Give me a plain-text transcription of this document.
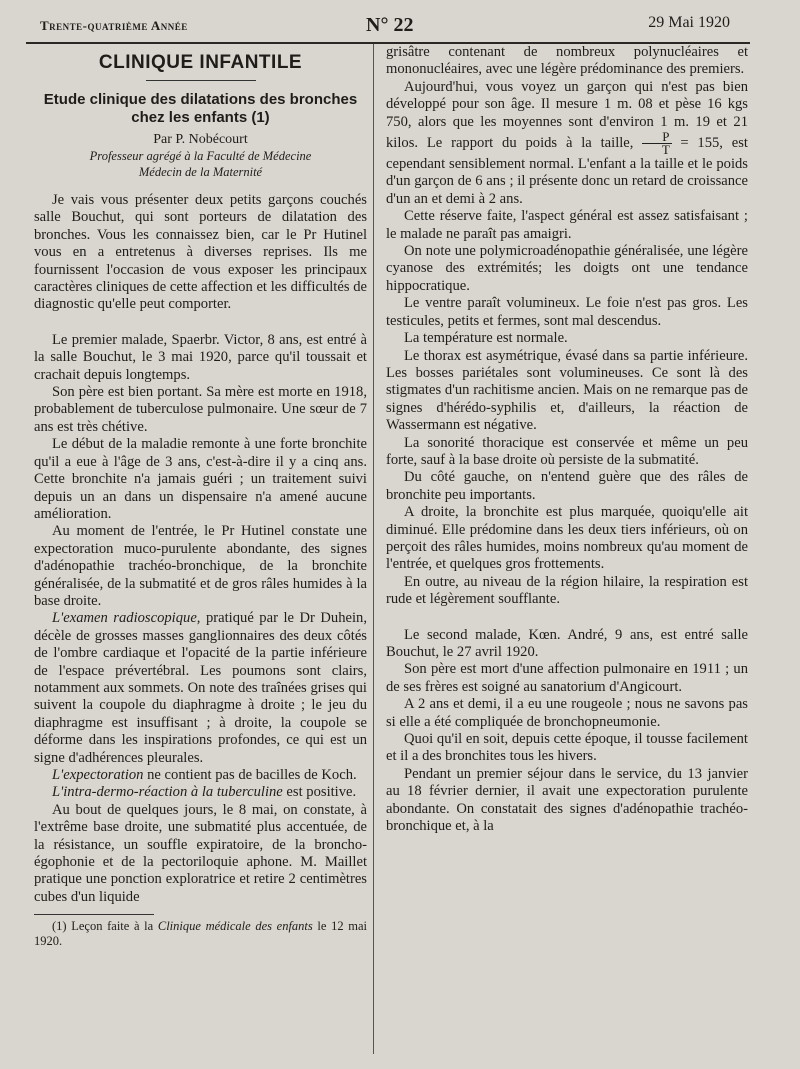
Trente-quatrième Année	N° 22	29 Mai 1920
CLINIQUE INFANTILE
Etude clinique des dilatations des bronches
chez les enfants (1)
Par P. Nobécourt
Professeur agrégé à la Faculté de Médecine
Médecin de la Maternité

Je vais vous présenter deux petits garçons couchés salle Bouchut, qui sont porteurs de dilatation des bronches. Vous les connaissez bien, car le Pr Hutinel vous en a entretenus à diverses reprises. Ils me fournissent l'occasion de vous exposer les principaux caractères cliniques de cette affection et les difficultés de diagnostic qu'elle peut comporter.

Le premier malade, Spaerbr. Victor, 8 ans, est entré à la salle Bouchut, le 3 mai 1920, parce qu'il toussait et crachait depuis longtemps.

Son père est bien portant. Sa mère est morte en 1918, probablement de tuberculose pulmonaire. Une sœur de 7 ans est très chétive.

Le début de la maladie remonte à une forte bronchite qu'il a eue à l'âge de 3 ans, c'est-à-dire il y a cinq ans. Cette bronchite n'a jamais guéri ; un traitement suivi depuis un an dans un dispensaire n'a amené aucune amélioration.

Au moment de l'entrée, le Pr Hutinel constate une expectoration muco-purulente abondante, des signes d'adénopathie trachéo-bronchique, de la bronchite généralisée, de la submatité et de gros râles humides à la base droite.

L'examen radioscopique, pratiqué par le Dr Duhein, décèle de grosses masses ganglionnaires des deux côtés de l'ombre cardiaque et l'opacité de la partie inférieure de l'espace prévertébral. Les poumons sont clairs, notamment aux sommets. On note des traînées grises qui suivent la coupole du diaphragme à droite ; le jeu du diaphragme est insuffisant ; à droite, la coupole se déforme dans les inspirations profondes, ce qui est un signe d'adhérences pleurales.

L'expectoration ne contient pas de bacilles de Koch.

L'intra-dermo-réaction à la tuberculine est positive.

Au bout de quelques jours, le 8 mai, on constate, à l'extrême base droite, une submatité plus accentuée, de la résistance, un souffle expiratoire, de la broncho-égophonie et de la pectoriloquie aphone. M. Maillet pratique une ponction exploratrice et retire 2 centimètres cubes d'un liquide

(1) Leçon faite à la Clinique médicale des enfants le 12 mai 1920.

grisâtre contenant de nombreux polynucléaires et mononucléaires, avec une légère prédominance des premiers.

Aujourd'hui, vous voyez un garçon qui n'est pas bien développé pour son âge. Il mesure 1 m. 08 et pèse 16 kgs 750, alors que les moyennes sont d'environ 1 m. 19 et 21 kilos. Le rapport du poids à la taille, $\frac{P}{T} = 155$, est cependant sensiblement normal. L'enfant a la taille et le poids d'un garçon de 6 ans ; il présente donc un retard de croissance d'un an et demi à 2 ans.

Cette réserve faite, l'aspect général est assez satisfaisant ; le malade ne paraît pas amaigri.

On note une polymicroadénopathie généralisée, une légère cyanose des extrémités; les doigts ont une tendance hippocratique.

Le ventre paraît volumineux. Le foie n'est pas gros. Les testicules, petits et fermes, sont mal descendus.

La température est normale.

Le thorax est asymétrique, évasé dans sa partie inférieure. Les bosses pariétales sont volumineuses. Ce sont là des stigmates d'un rachitisme ancien. Mais on ne remarque pas de signes d'hérédo-syphilis et, d'ailleurs, la réaction de Wassermann est négative.

La sonorité thoracique est conservée et même un peu forte, sauf à la base droite où persiste de la submatité.

Du côté gauche, on n'entend guère que des râles de bronchite peu importants.

A droite, la bronchite est plus marquée, quoiqu'elle ait diminué. Elle prédomine dans les deux tiers inférieurs, où on perçoit des râles humides, moins nombreux qu'au moment de l'entrée, et quelques gros frottements.

En outre, au niveau de la région hilaire, la respiration est rude et légèrement soufflante.

Le second malade, Kœn. André, 9 ans, est entré salle Bouchut, le 27 avril 1920.

Son père est mort d'une affection pulmonaire en 1911 ; un de ses frères est soigné au sanatorium d'Angicourt.

A 2 ans et demi, il a eu une rougeole ; nous ne savons pas si elle a été compliquée de bronchopneumonie.

Quoi qu'il en soit, depuis cette époque, il tousse facilement et il a des bronchites tous les hivers.

Pendant un premier séjour dans le service, du 13 janvier au 18 février dernier, il avait une expectoration purulente abondante. On constatait des signes d'adénopathie trachéo-bronchique et, à la
